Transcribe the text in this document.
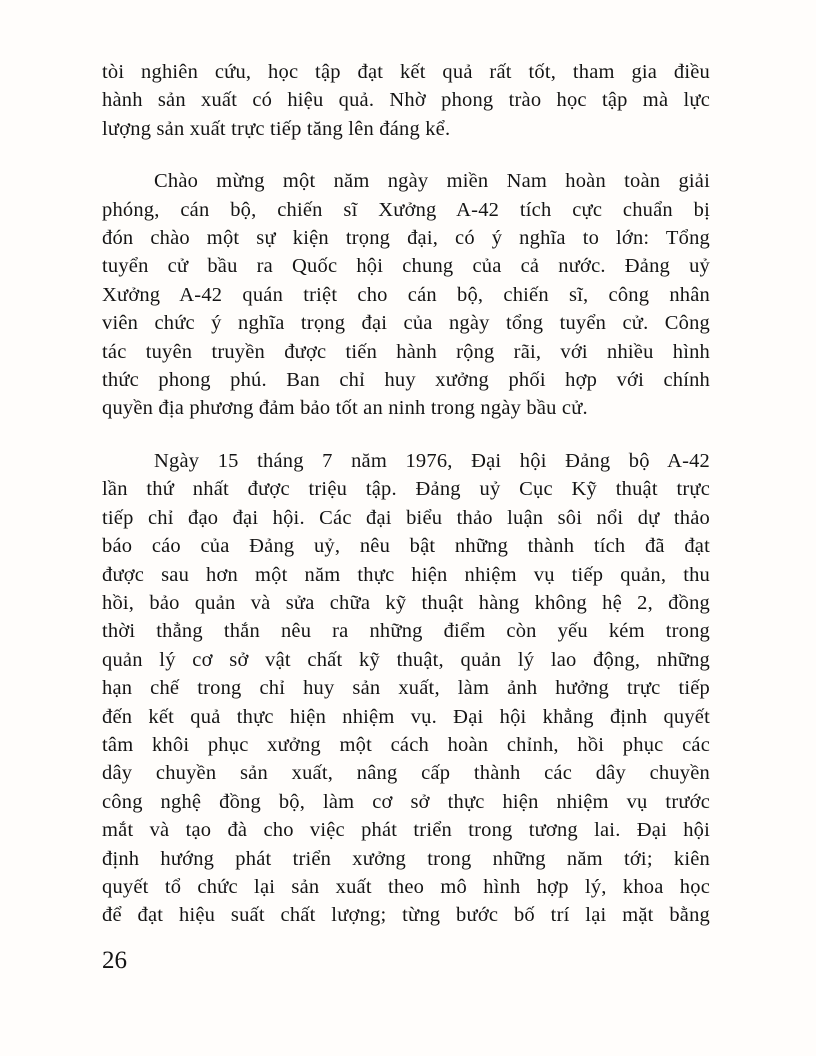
tòi nghiên cứu, học tập đạt kết quả rất tốt, tham gia điều
hành sản xuất có hiệu quả. Nhờ phong trào học tập mà lực
lượng sản xuất trực tiếp tăng lên đáng kể.
Chào mừng một năm ngày miền Nam hoàn toàn giải
phóng, cán bộ, chiến sĩ Xưởng A-42 tích cực chuẩn bị
đón chào một sự kiện trọng đại, có ý nghĩa to lớn: Tổng
tuyển cử bầu ra Quốc hội chung của cả nước. Đảng uỷ
Xưởng A-42 quán triệt cho cán bộ, chiến sĩ, công nhân
viên chức ý nghĩa trọng đại của ngày tổng tuyển cử. Công
tác tuyên truyền được tiến hành rộng rãi, với nhiều hình
thức phong phú. Ban chỉ huy xưởng phối hợp với chính
quyền địa phương đảm bảo tốt an ninh trong ngày bầu cử.
Ngày 15 tháng 7 năm 1976, Đại hội Đảng bộ A-42
lần thứ nhất được triệu tập. Đảng uỷ Cục Kỹ thuật trực
tiếp chỉ đạo đại hội. Các đại biểu thảo luận sôi nổi dự thảo
báo cáo của Đảng uỷ, nêu bật những thành tích đã đạt
được sau hơn một năm thực hiện nhiệm vụ tiếp quản, thu
hồi, bảo quản và sửa chữa kỹ thuật hàng không hệ 2, đồng
thời thẳng thắn nêu ra những điểm còn yếu kém trong
quản lý cơ sở vật chất kỹ thuật, quản lý lao động, những
hạn chế trong chỉ huy sản xuất, làm ảnh hưởng trực tiếp
đến kết quả thực hiện nhiệm vụ. Đại hội khẳng định quyết
tâm khôi phục xưởng một cách hoàn chỉnh, hồi phục các
dây chuyền sản xuất, nâng cấp thành các dây chuyền
công nghệ đồng bộ, làm cơ sở thực hiện nhiệm vụ trước
mắt và tạo đà cho việc phát triển trong tương lai. Đại hội
định hướng phát triển xưởng trong những năm tới; kiên
quyết tổ chức lại sản xuất theo mô hình hợp lý, khoa học
để đạt hiệu suất chất lượng; từng bước bố trí lại mặt bằng
26
